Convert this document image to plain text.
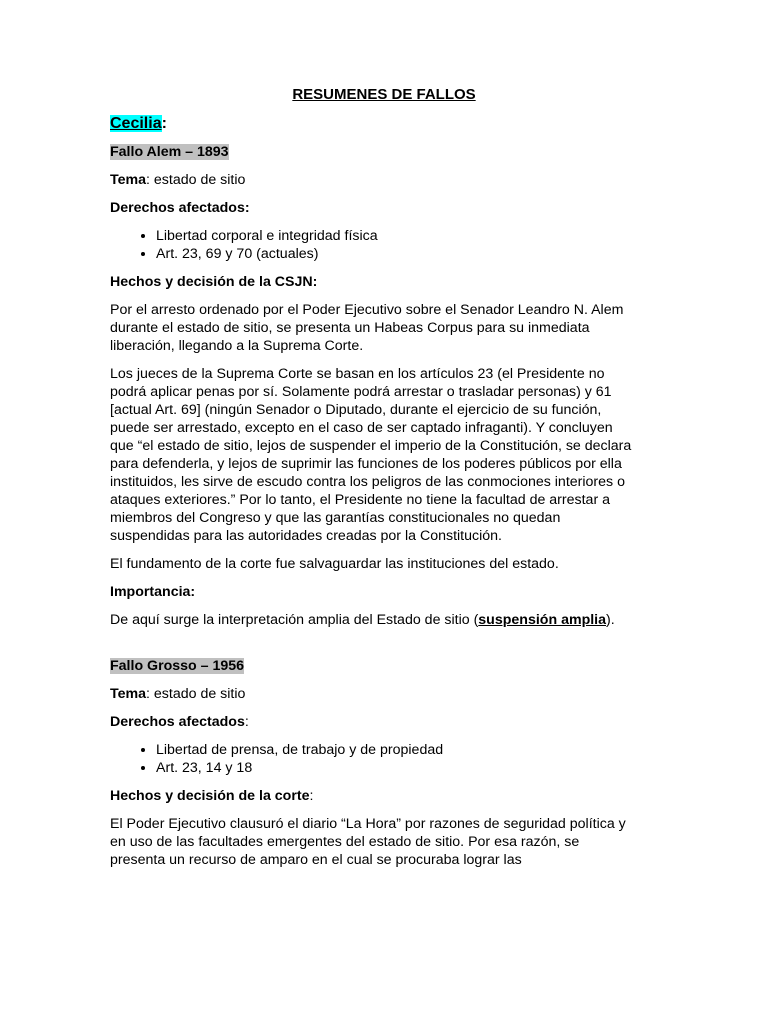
RESUMENES DE FALLOS
Cecilia:
Fallo Alem – 1893

Tema: estado de sitio

Derechos afectados:

• Libertad corporal e integridad física
• Art. 23, 69 y 70 (actuales)

Hechos y decisión de la CSJN:

Por el arresto ordenado por el Poder Ejecutivo sobre el Senador Leandro N. Alem durante el estado de sitio, se presenta un Habeas Corpus para su inmediata liberación, llegando a la Suprema Corte.

Los jueces de la Suprema Corte se basan en los artículos 23 (el Presidente no podrá aplicar penas por sí. Solamente podrá arrestar o trasladar personas) y 61 [actual Art. 69] (ningún Senador o Diputado, durante el ejercicio de su función, puede ser arrestado, excepto en el caso de ser captado infraganti). Y concluyen que “el estado de sitio, lejos de suspender el imperio de la Constitución, se declara para defenderla, y lejos de suprimir las funciones de los poderes públicos por ella instituidos, les sirve de escudo contra los peligros de las conmociones interiores o ataques exteriores.” Por lo tanto, el Presidente no tiene la facultad de arrestar a miembros del Congreso y que las garantías constitucionales no quedan suspendidas para las autoridades creadas por la Constitución.

El fundamento de la corte fue salvaguardar las instituciones del estado.

Importancia:

De aquí surge la interpretación amplia del Estado de sitio (suspensión amplia).

Fallo Grosso – 1956

Tema: estado de sitio

Derechos afectados:

• Libertad de prensa, de trabajo y de propiedad
• Art. 23, 14 y 18

Hechos y decisión de la corte:

El Poder Ejecutivo clausuró el diario “La Hora” por razones de seguridad política y en uso de las facultades emergentes del estado de sitio. Por esa razón, se presenta un recurso de amparo en el cual se procuraba lograr las
